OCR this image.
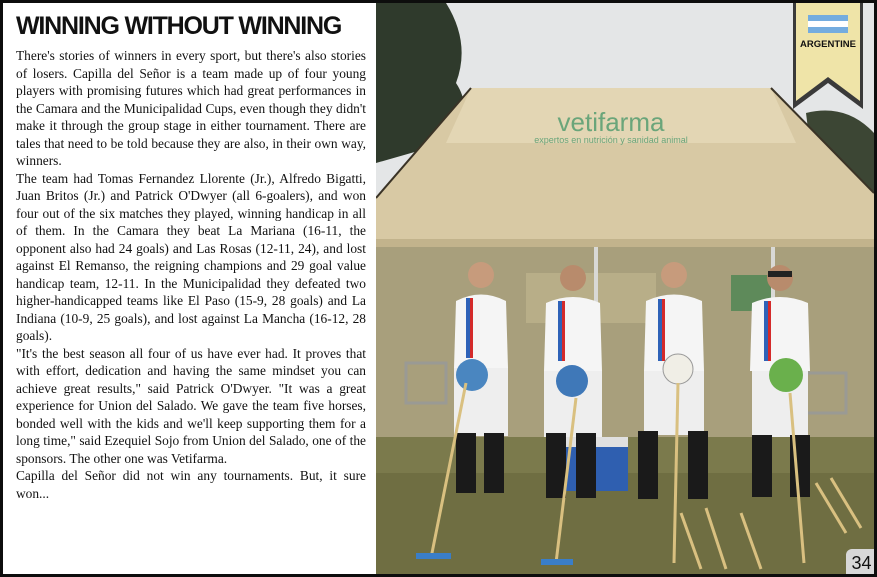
WINNING WITHOUT WINNING

There's stories of winners in every sport, but there's also stories of losers. Capilla del Señor is a team made up of four young players with promising futures which had great performances in the Camara and the Municipalidad Cups, even though they didn't make it through the group stage in either tournament. There are tales that need to be told because they are also, in their own way, winners.

The team had Tomas Fernandez Llorente (Jr.), Alfredo Bigatti, Juan Britos (Jr.) and Patrick O'Dwyer (all 6-goalers), and won four out of the six matches they played, winning handicap in all of them. In the Camara they beat La Mariana (16-11, the opponent also had 24 goals) and Las Rosas (12-11, 24), and lost against El Remanso, the reigning champions and 29 goal value handicap team, 12-11. In the Municipalidad they defeated two higher-handicapped teams like El Paso (15-9, 28 goals) and La Indiana (10-9, 25 goals), and lost against La Mancha (16-12, 28 goals).

"It's the best season all four of us have ever had. It proves that with effort, dedication and having the same mindset you can achieve great results," said Patrick O'Dwyer. "It was a great experience for Union del Salado. We gave the team five horses, bonded well with the kids and we'll keep supporting them for a long time," said Ezequiel Sojo from Union del Salado, one of the sponsors. The other one was Vetifarma.

Capilla del Señor did not win any tournaments. But, it sure won...

vetifarma
expertos en nutrición y sanidad animal
ARGENTINE
34
